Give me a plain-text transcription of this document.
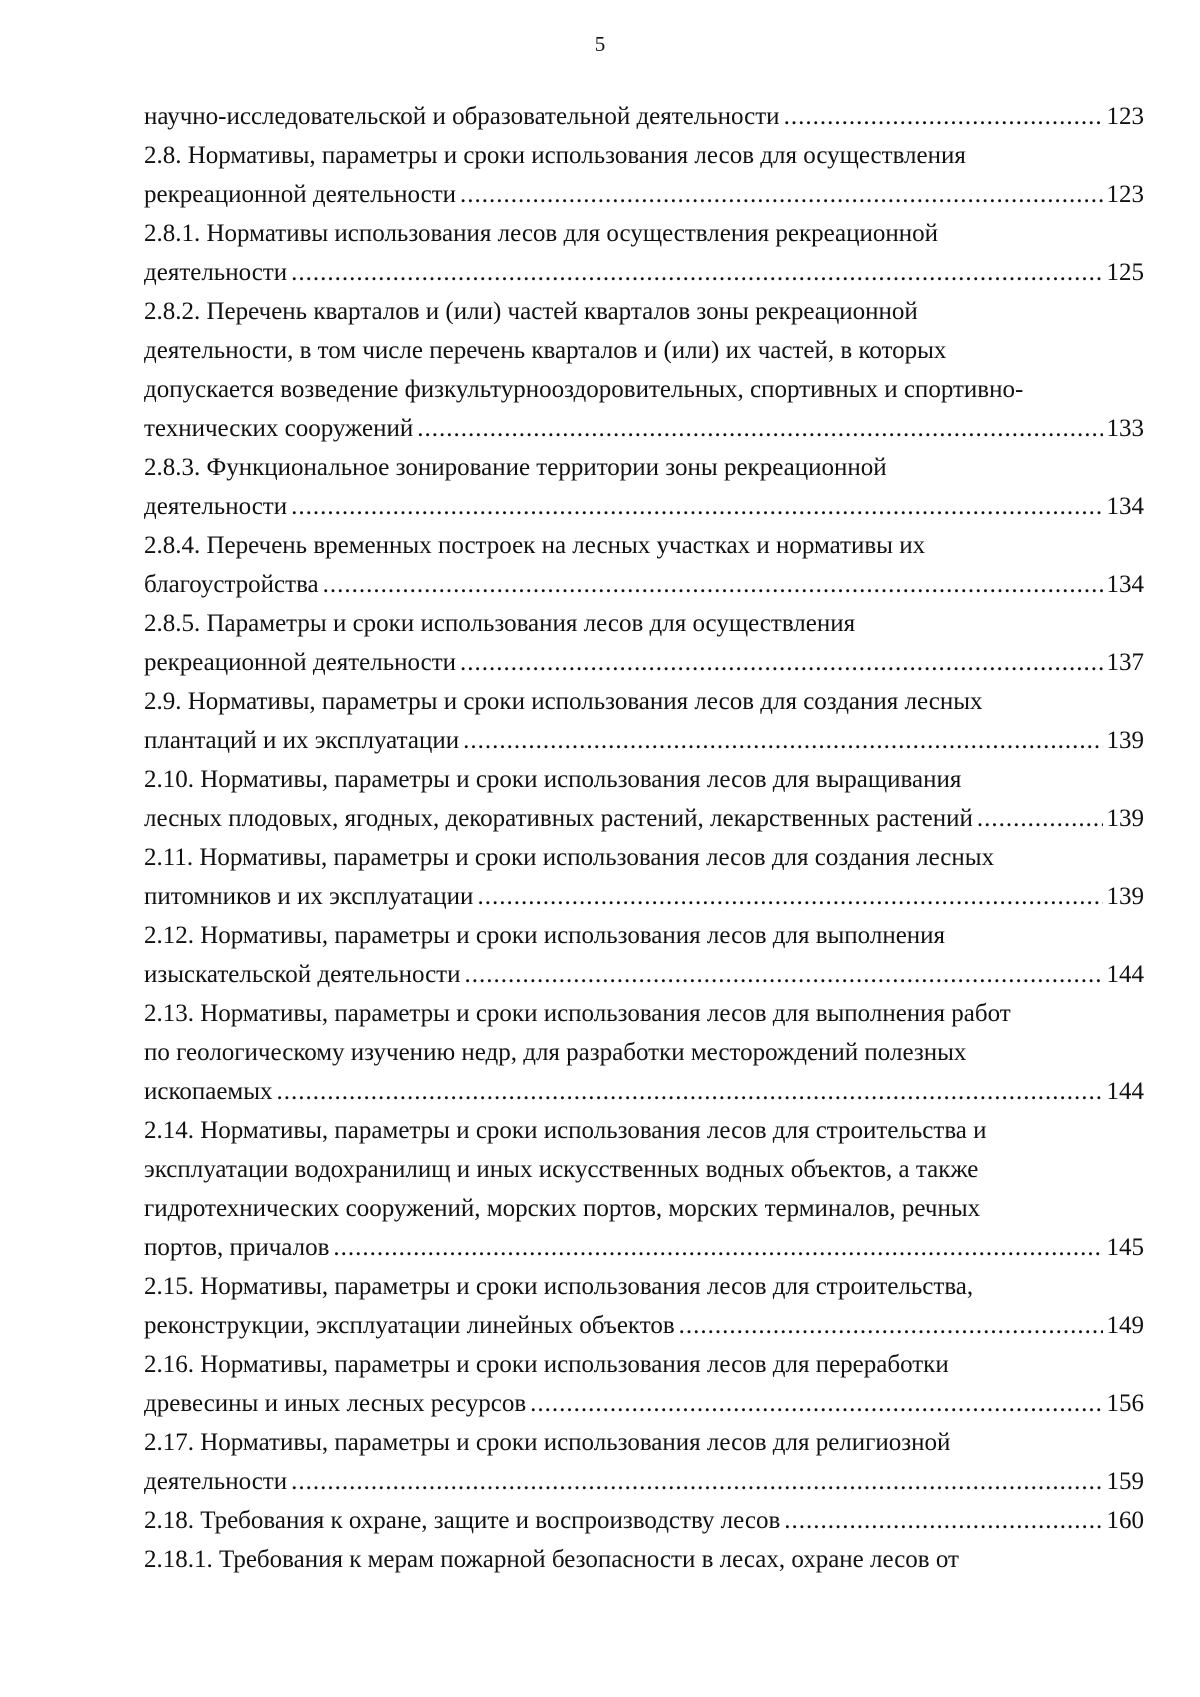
5
научно-исследовательской и образовательной деятельности .....	123
2.8. Нормативы, параметры и сроки использования лесов для осуществления
рекреационной деятельности .....	123
2.8.1. Нормативы использования лесов для осуществления рекреационной
деятельности .....	125
2.8.2. Перечень кварталов и (или) частей кварталов зоны рекреационной
деятельности, в том числе перечень кварталов и (или) их частей, в которых
допускается возведение физкультурнооздоровительных, спортивных и спортивно-
технических сооружений .....	133
2.8.3. Функциональное зонирование территории зоны рекреационной
деятельности .....	134
2.8.4. Перечень временных построек на лесных участках и нормативы их
благоустройства .....	134
2.8.5. Параметры и сроки использования лесов для осуществления
рекреационной деятельности .....	137
2.9. Нормативы, параметры и сроки использования лесов для создания лесных
плантаций и их эксплуатации .....	139
2.10. Нормативы, параметры и сроки использования лесов для выращивания
лесных плодовых, ягодных, декоративных растений, лекарственных растений .....	139
2.11. Нормативы, параметры и сроки использования лесов для создания лесных
питомников и их эксплуатации .....	139
2.12. Нормативы, параметры и сроки использования лесов для выполнения
изыскательской деятельности .....	144
2.13. Нормативы, параметры и сроки использования лесов для выполнения работ
по геологическому изучению недр, для разработки месторождений полезных
ископаемых .....	144
2.14. Нормативы, параметры и сроки использования лесов для строительства и
эксплуатации водохранилищ и иных искусственных водных объектов, а также
гидротехнических сооружений, морских портов, морских терминалов, речных
портов, причалов .....	145
2.15. Нормативы, параметры и сроки использования лесов для строительства,
реконструкции, эксплуатации линейных объектов .....	149
2.16. Нормативы, параметры и сроки использования лесов для переработки
древесины и иных лесных ресурсов .....	156
2.17. Нормативы, параметры и сроки использования лесов для религиозной
деятельности .....	159
2.18. Требования к охране, защите и воспроизводству лесов .....	160
2.18.1. Требования к мерам пожарной безопасности в лесах, охране лесов от
